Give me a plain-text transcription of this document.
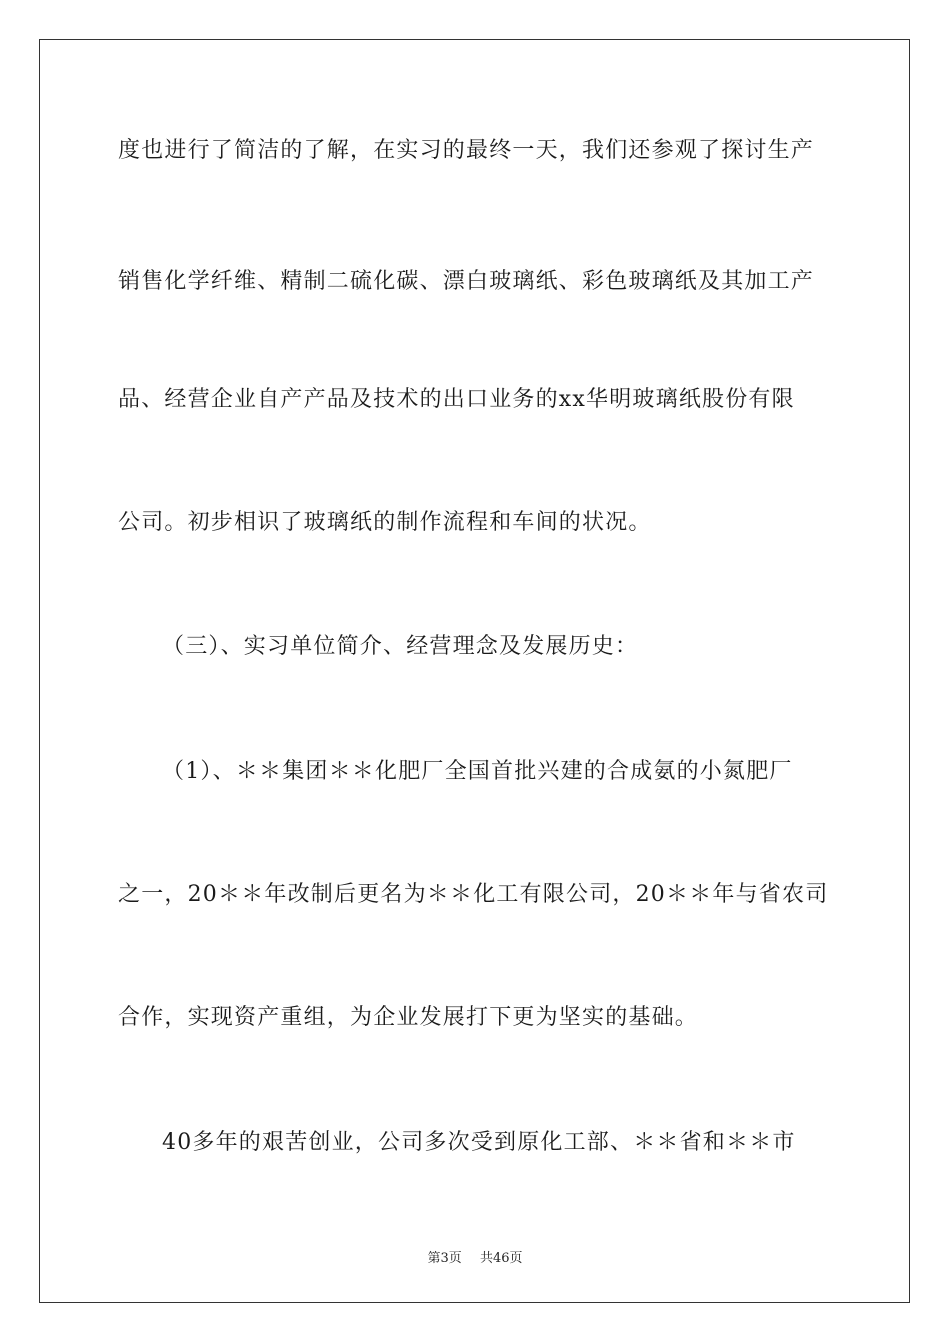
度也进行了简洁的了解，在实习的最终一天，我们还参观了探讨生产
销售化学纤维、精制二硫化碳、漂白玻璃纸、彩色玻璃纸及其加工产
品、经营企业自产产品及技术的出口业务的xx华明玻璃纸股份有限
公司。初步相识了玻璃纸的制作流程和车间的状况。
（三）、实习单位简介、经营理念及发展历史：
（1）、＊＊集团＊＊化肥厂全国首批兴建的合成氨的小氮肥厂
之一，20＊＊年改制后更名为＊＊化工有限公司，20＊＊年与省农司
合作，实现资产重组，为企业发展打下更为坚实的基础。
40多年的艰苦创业，公司多次受到原化工部、＊＊省和＊＊市
第3页 共46页
